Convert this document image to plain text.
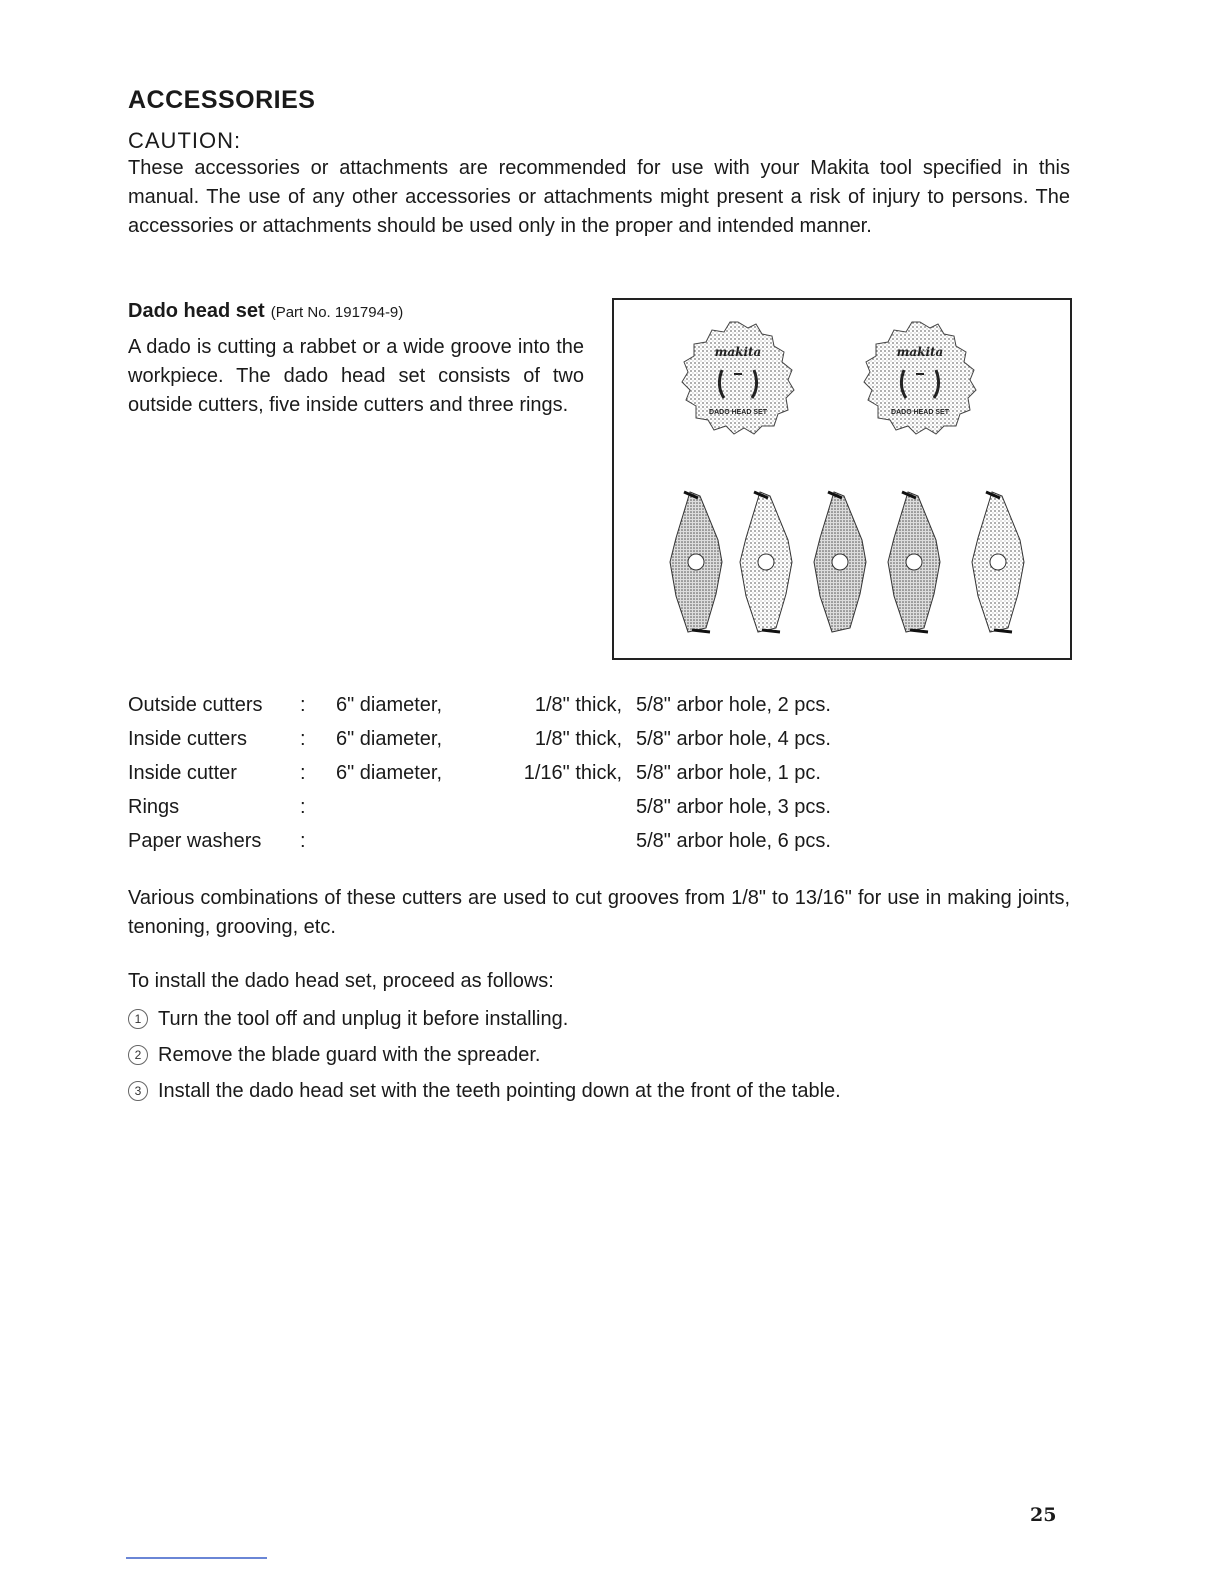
ACCESSORIES
CAUTION:

These accessories or attachments are recommended for use with your Makita tool specified in this manual. The use of any other accessories or attachments might present a risk of injury to persons. The accessories or attachments should be used only in the proper and intended manner.

Dado head set (Part No. 191794-9)

A dado is cutting a rabbet or a wide groove into the workpiece. The dado head set consists of two outside cutters, five inside cutters and three rings.

makita
DADO HEAD SET
makita
DADO HEAD SET
Outside cutters	:	6" diameter,	1/8" thick,	5/8" arbor hole, 2 pcs.
Inside cutters	:	6" diameter,	1/8" thick,	5/8" arbor hole, 4 pcs.
Inside cutter	:	6" diameter,	1/16" thick,	5/8" arbor hole, 1 pc.
Rings	:			5/8" arbor hole, 3 pcs.
Paper washers	:			5/8" arbor hole, 6 pcs.

Various combinations of these cutters are used to cut grooves from 1/8" to 13/16" for use in making joints, tenoning, grooving, etc.

To install the dado head set, proceed as follows:
1 Turn the tool off and unplug it before installing.
2 Remove the blade guard with the spreader.
3 Install the dado head set with the teeth pointing down at the front of the table.
25
